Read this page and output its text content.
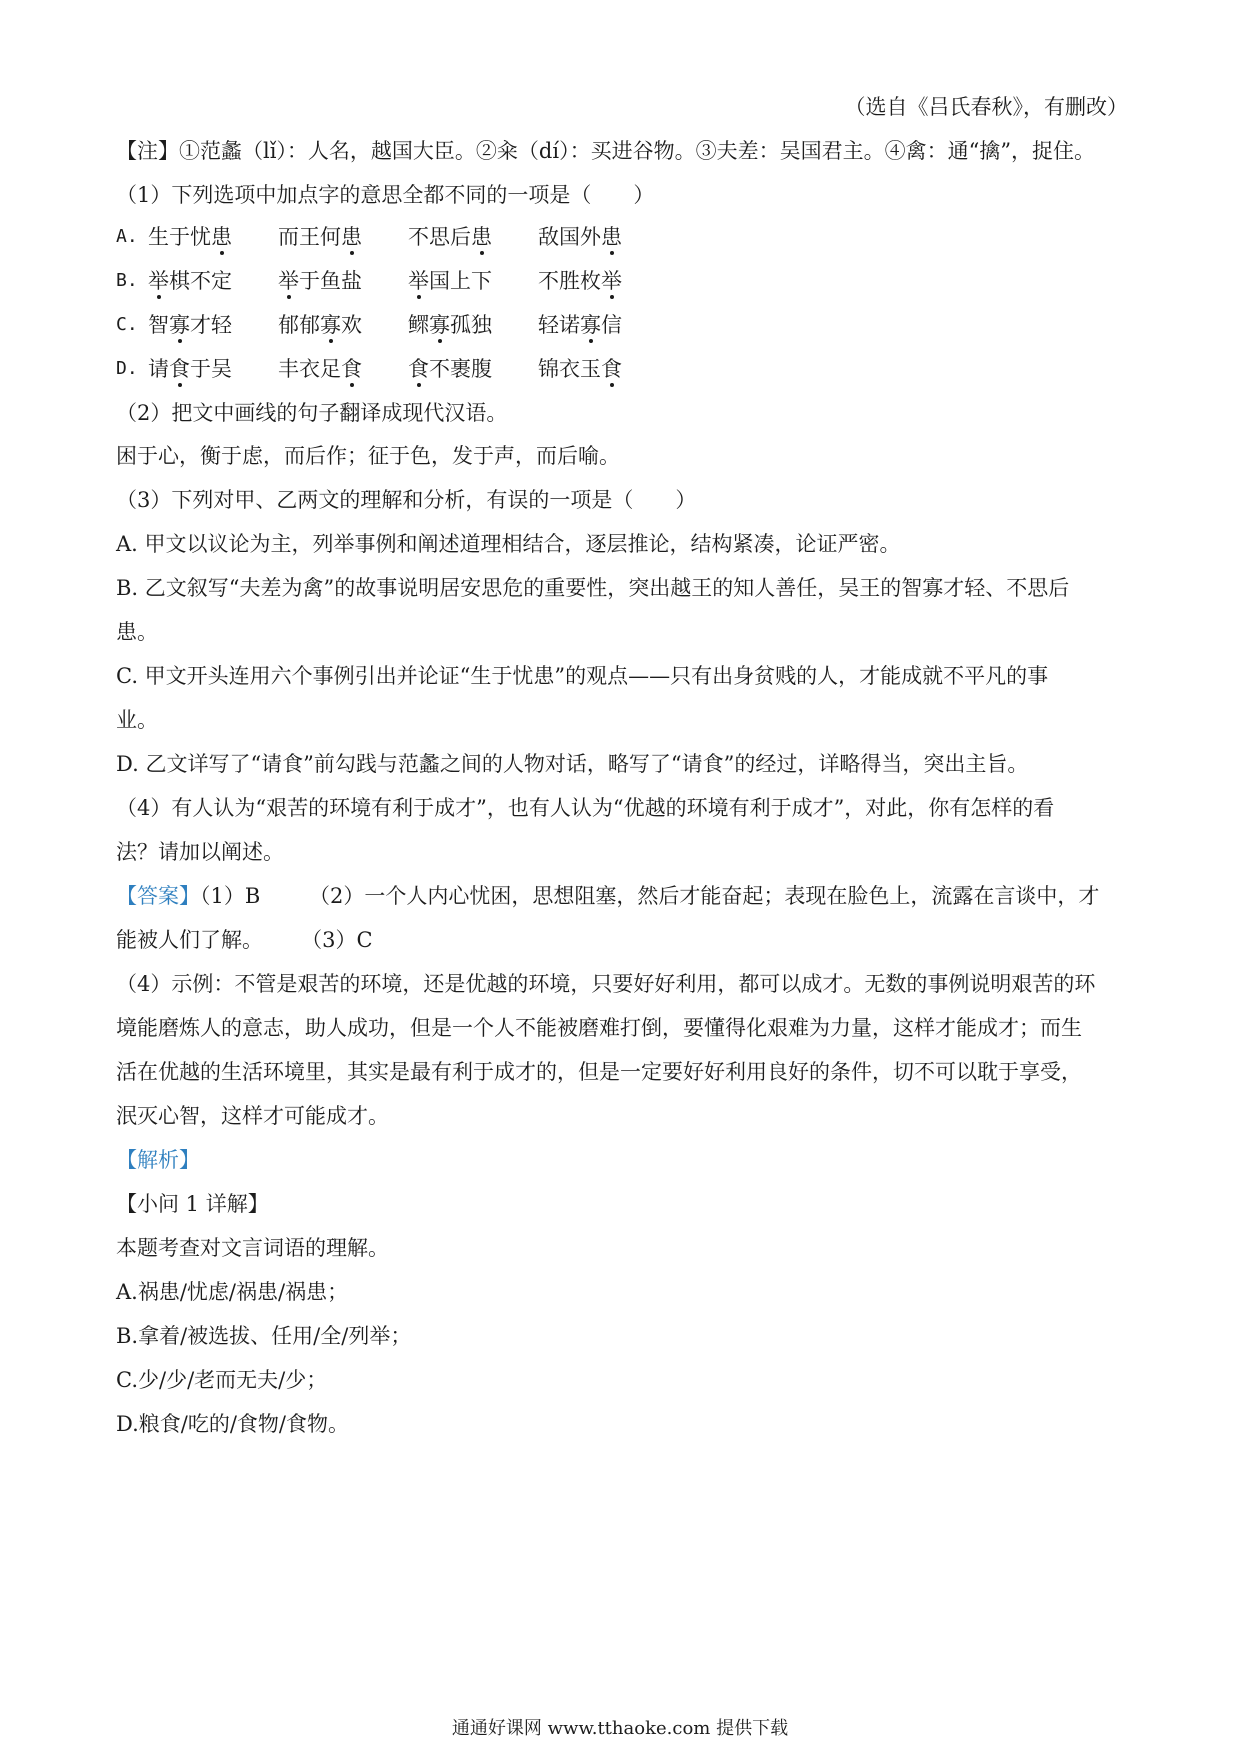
（选自《吕氏春秋》，有删改）
【注】①范蠡（lǐ）：人名，越国大臣。②籴（dí）：买进谷物。③夫差：吴国君主。④禽：通“擒”，捉住。
（1）下列选项中加点字的意思全都不同的一项是（　　）
A. 生于忧患 而王何患 不思后患 敌国外患
B. 举棋不定 举于鱼盐 举国上下 不胜枚举
C. 智寡才轻 郁郁寡欢 鳏寡孤独 轻诺寡信
D. 请食于吴 丰衣足食 食不裹腹 锦衣玉食
（2）把文中画线的句子翻译成现代汉语。
困于心，衡于虑，而后作；征于色，发于声，而后喻。
（3）下列对甲、乙两文的理解和分析，有误的一项是（　　）
A. 甲文以议论为主，列举事例和阐述道理相结合，逐层推论，结构紧凑，论证严密。
B. 乙文叙写“夫差为禽”的故事说明居安思危的重要性，突出越王的知人善任，吴王的智寡才轻、不思后
患。
C. 甲文开头连用六个事例引出并论证“生于忧患”的观点——只有出身贫贱的人，才能成就不平凡的事
业。
D. 乙文详写了“请食”前勾践与范蠡之间的人物对话，略写了“请食”的经过，详略得当，突出主旨。
（4）有人认为“艰苦的环境有利于成才”，也有人认为“优越的环境有利于成才”，对此，你有怎样的看
法？请加以阐述。
【答案】（1）B　　 （2）一个人内心忧困，思想阻塞，然后才能奋起；表现在脸色上，流露在言谈中，才
能被人们了解。　　 （3）C
（4）示例：不管是艰苦的环境，还是优越的环境，只要好好利用，都可以成才。无数的事例说明艰苦的环
境能磨炼人的意志，助人成功，但是一个人不能被磨难打倒，要懂得化艰难为力量，这样才能成才；而生
活在优越的生活环境里，其实是最有利于成才的，但是一定要好好利用良好的条件，切不可以耽于享受，
泯灭心智，这样才可能成才。
【解析】
【小问 1 详解】
本题考查对文言词语的理解。
A.祸患/忧虑/祸患/祸患；
B.拿着/被选拔、任用/全/列举；
C.少/少/老而无夫/少；
D.粮食/吃的/食物/食物。
通通好课网 www.tthaoke.com 提供下载
